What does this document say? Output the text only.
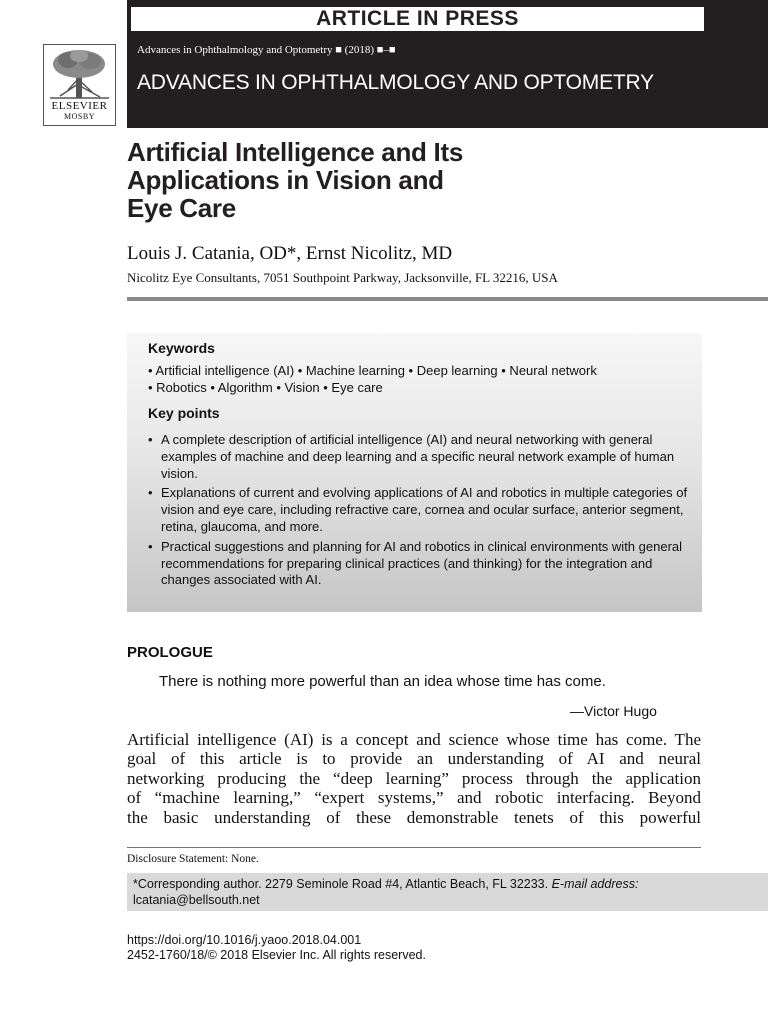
ARTICLE IN PRESS
Advances in Ophthalmology and Optometry ■ (2018) ■–■
ADVANCES IN OPHTHALMOLOGY AND OPTOMETRY
ELSEVIER
MOSBY
Artificial Intelligence and Its
Applications in Vision and
Eye Care
Louis J. Catania, OD*, Ernst Nicolitz, MD
Nicolitz Eye Consultants, 7051 Southpoint Parkway, Jacksonville, FL 32216, USA
Keywords
• Artificial intelligence (AI) • Machine learning • Deep learning • Neural network
• Robotics • Algorithm • Vision • Eye care
Key points
• A complete description of artificial intelligence (AI) and neural networking with general examples of machine and deep learning and a specific neural network example of human vision.
• Explanations of current and evolving applications of AI and robotics in multiple categories of vision and eye care, including refractive care, cornea and ocular surface, anterior segment, retina, glaucoma, and more.
• Practical suggestions and planning for AI and robotics in clinical environments with general recommendations for preparing clinical practices (and thinking) for the integration and changes associated with AI.
PROLOGUE
There is nothing more powerful than an idea whose time has come.
—Victor Hugo
Artificial intelligence (AI) is a concept and science whose time has come. The
goal of this article is to provide an understanding of AI and neural
networking producing the “deep learning” process through the application
of “machine learning,” “expert systems,” and robotic interfacing. Beyond
the basic understanding of these demonstrable tenets of this powerful
Disclosure Statement: None.
*Corresponding author. 2279 Seminole Road #4, Atlantic Beach, FL 32233. E-mail address: lcatania@bellsouth.net
https://doi.org/10.1016/j.yaoo.2018.04.001
2452-1760/18/© 2018 Elsevier Inc. All rights reserved.
